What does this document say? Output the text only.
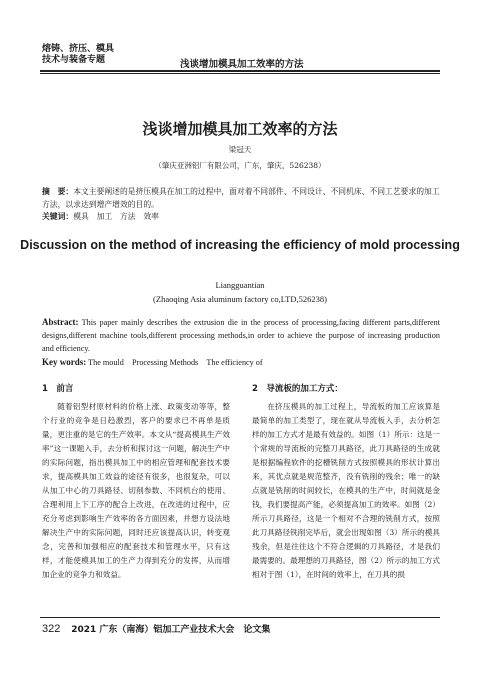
熔铸、挤压、模具
技术与装备专题	浅谈增加模具加工效率的方法
浅谈增加模具加工效率的方法
梁冠天
（肇庆亚洲铝厂有限公司，广东，肇庆，526238）
摘　要：本文主要阐述的是挤压模具在加工的过程中，面对着不同部件、不同设计、不同机床、不同工艺要求的加工方法，以求达到增产增效的目的。
关键词：模具　加工　方法　效率
Discussion on the method of increasing the efficiency of mold processing
Liangguantian
(Zhaoqing Asia aluminum factory co,LTD,526238)
Abstract: This paper mainly describes the extrusion die in the process of processing,facing different parts,different designs,different machine tools,different processing methods,in order to achieve the purpose of increasing production and efficiency.
Key words: The mould　Processing Methods　The efficiency of
1　前言

随着铝型材原材料的价格上涨、政策变动等等，整个行业的竞争是日趋激烈，客户的要求已不再单是质量，更注重的是它的生产效率。本文从“提高模具生产效率”这一课题入手，去分析和探讨这一问题，解决生产中的实际问题，指出模具加工中的相应管理和配套技术要求，提高模具加工效益的途径有很多，也很复杂，可以从加工中心的刀具路径、切削参数、不同机台的使用、合理利用上下工序的配合上改进，在改进的过程中，应充分考虑到影响生产效率的各方面因素，并想方设法地解决生产中的实际问题，同时还应该提高认识，转变观念，完善和加强相应的配套技术和管理水平，只有这样，才能使模具加工的生产力得到充分的发挥，从而增加企业的竞争力和效益。

2　导流板的加工方式：

在挤压模具的加工过程上，导流板的加工应该算是最简单的加工类型了，现在就从导流板入手，去分析怎样的加工方式才是最有效益的。如图（1）所示：这是一个常规的导流板的完整刀具路径，此刀具路径的生成就是根据编程软件的挖槽铣削方式按照模具的形状计算出来，其优点就是规范整齐，没有铣削的残余；唯一的缺点就是铣削的时间较长，在模具的生产中，时间就是金钱，我们要提高产能，必须提高加工的效率。如图（2）所示刀具路径，这是一个相对不合理的铣削方式，按照此刀具路径铣削完毕后，就会出现如图（3）所示的模具残余，但是往往这个不符合逻辑的刀具路径，才是我们最需要的。最理想的刀具路径，图（2）所示的加工方式相对于图（1），在时间的效率上，在刀具的损

322 2021 广东（南海）铝加工产业技术大会　论文集
